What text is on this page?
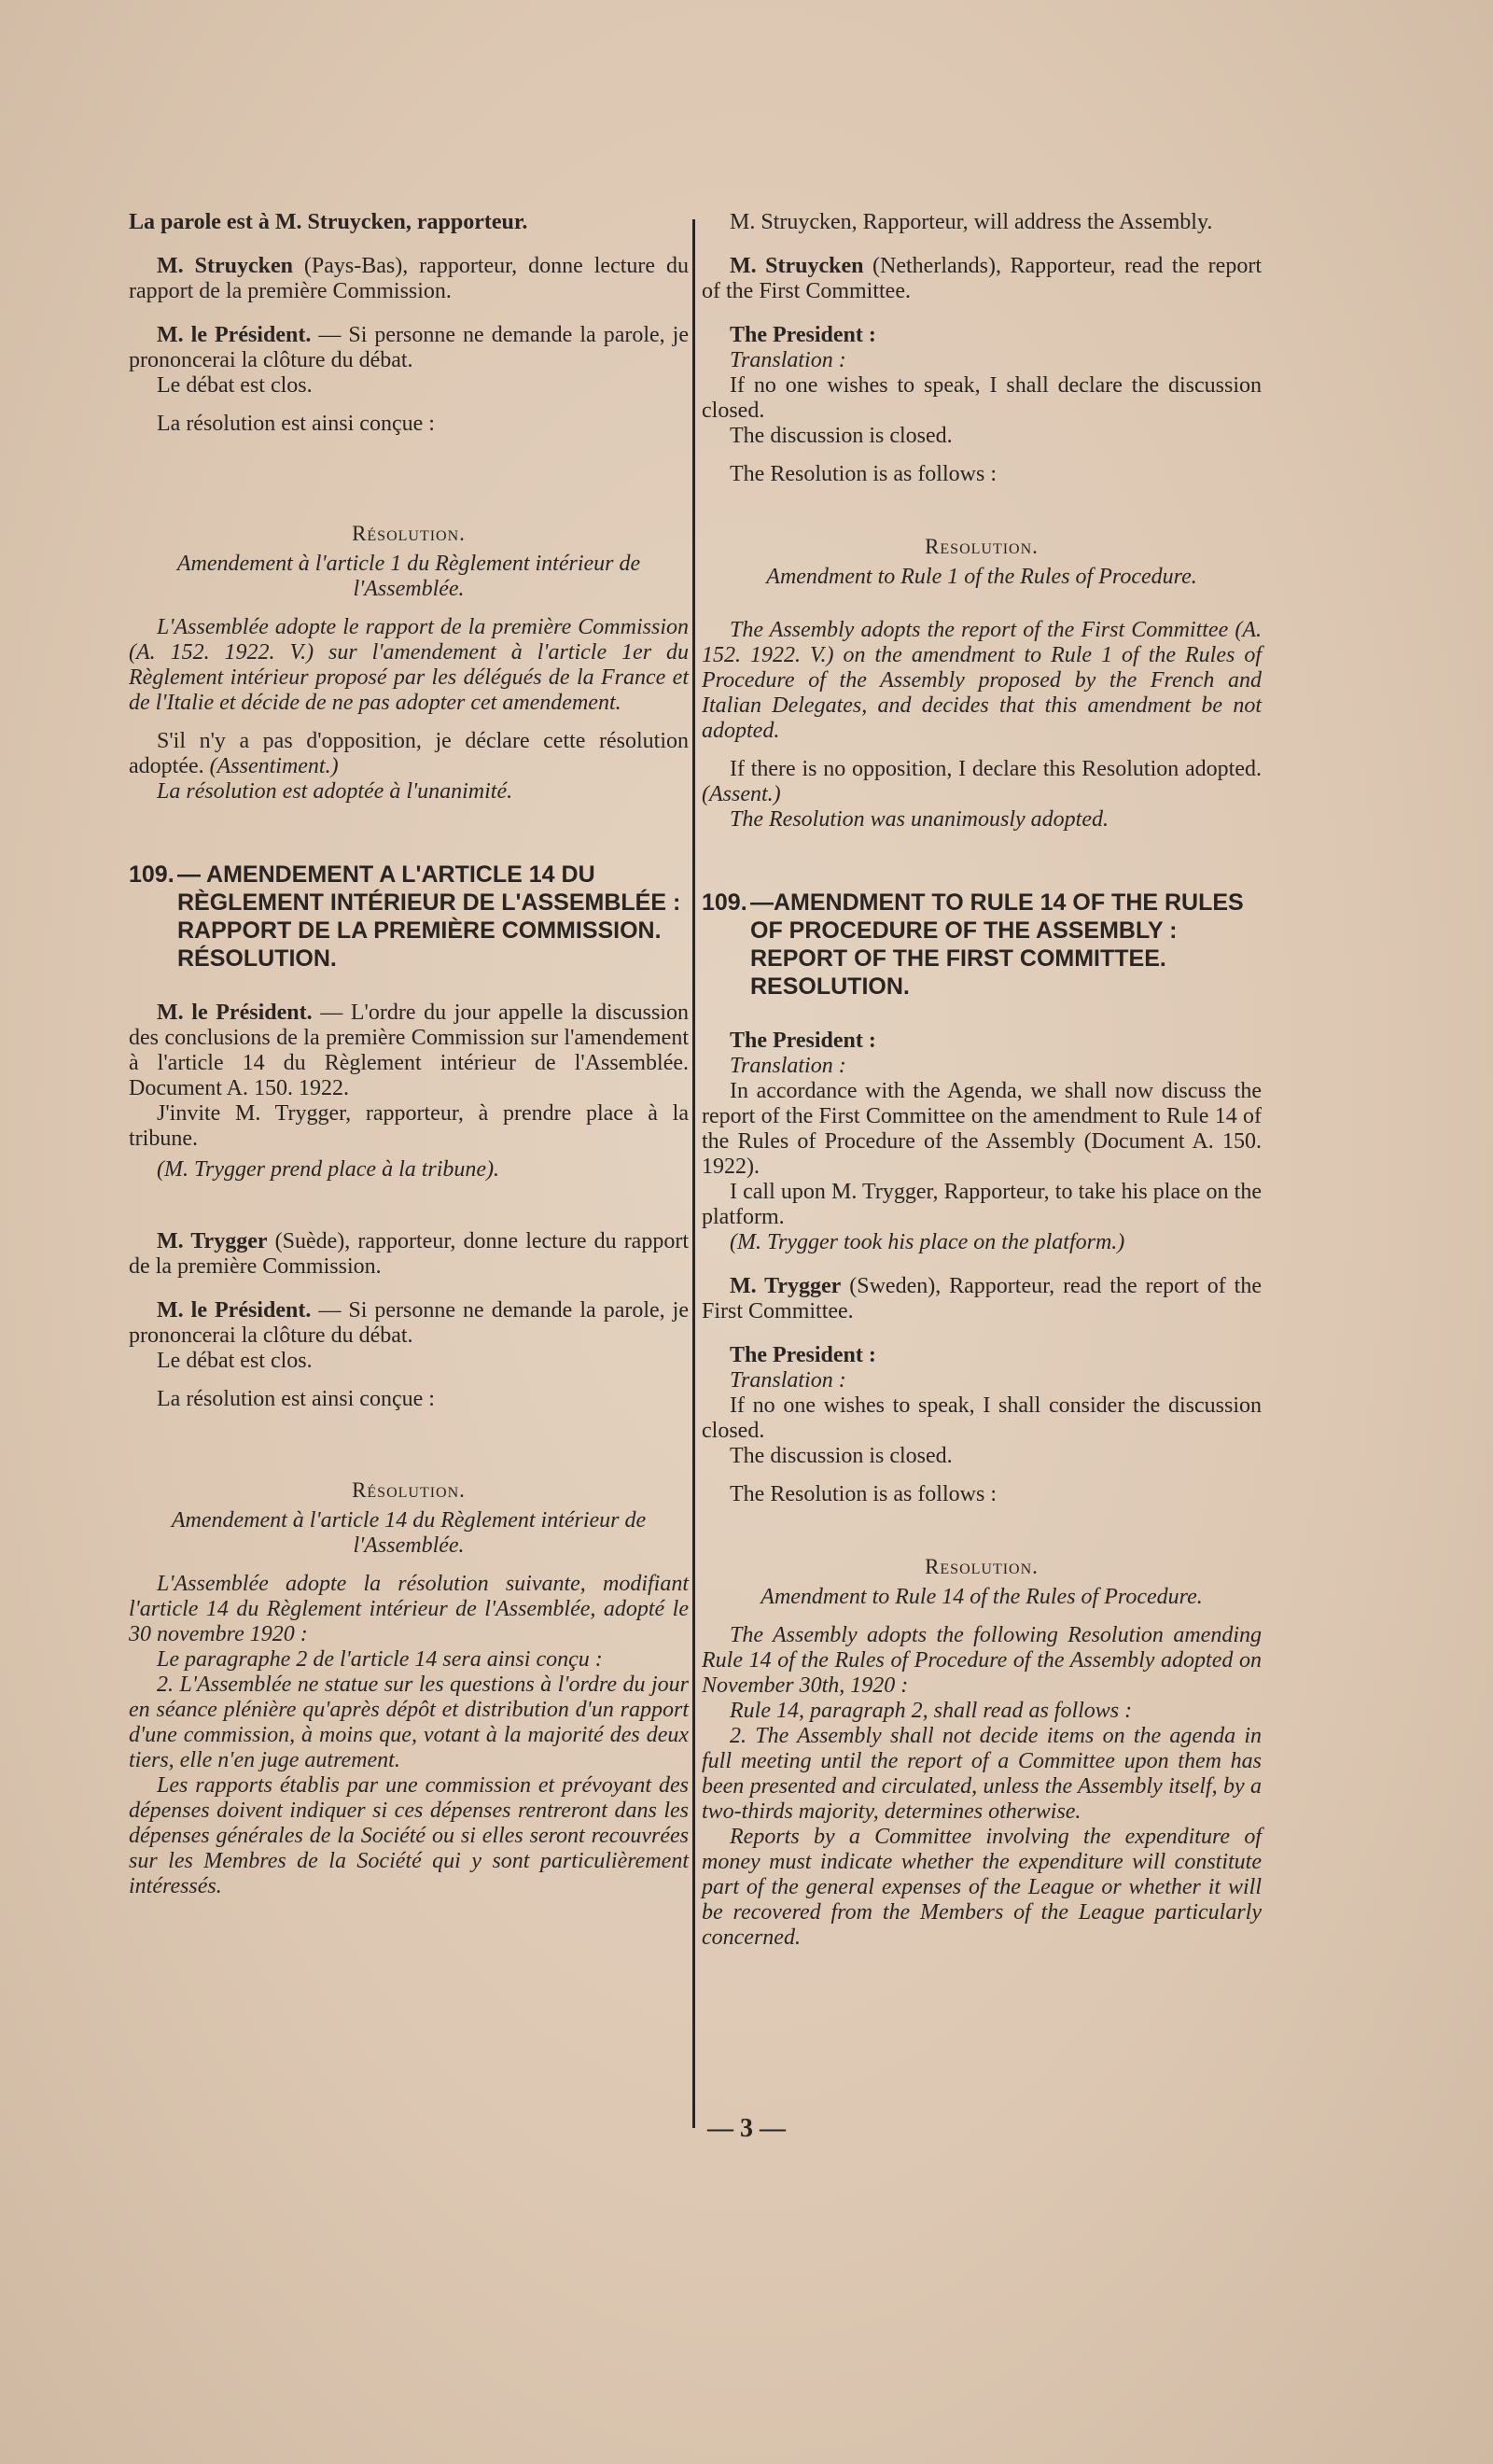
La parole est à M. Struycken, rapporteur.

M. Struycken (Pays-Bas), rapporteur, donne lecture du rapport de la première Commission.

M. le Président. — Si personne ne demande la parole, je prononcerai la clôture du débat.

Le débat est clos.

La résolution est ainsi conçue :

Résolution.

Amendement à l'article 1 du Règlement intérieur de l'Assemblée.

L'Assemblée adopte le rapport de la première Commission (A. 152. 1922. V.) sur l'amendement à l'article 1er du Règlement intérieur proposé par les délégués de la France et de l'Italie et décide de ne pas adopter cet amendement.

S'il n'y a pas d'opposition, je déclare cette résolution adoptée. (Assentiment.)

La résolution est adoptée à l'unanimité.

109. — AMENDEMENT A L'ARTICLE 14 DU RÈGLEMENT INTÉRIEUR DE L'ASSEMBLÉE : RAPPORT DE LA PREMIÈRE COMMISSION. RÉSOLUTION.

M. le Président. — L'ordre du jour appelle la discussion des conclusions de la première Commission sur l'amendement à l'article 14 du Règlement intérieur de l'Assemblée. Document A. 150. 1922.

J'invite M. Trygger, rapporteur, à prendre place à la tribune.

(M. Trygger prend place à la tribune).

M. Trygger (Suède), rapporteur, donne lecture du rapport de la première Commission.

M. le Président. — Si personne ne demande la parole, je prononcerai la clôture du débat.

Le débat est clos.

La résolution est ainsi conçue :

Résolution.

Amendement à l'article 14 du Règlement intérieur de l'Assemblée.

L'Assemblée adopte la résolution suivante, modifiant l'article 14 du Règlement intérieur de l'Assemblée, adopté le 30 novembre 1920 :

Le paragraphe 2 de l'article 14 sera ainsi conçu :

2. L'Assemblée ne statue sur les questions à l'ordre du jour en séance plénière qu'après dépôt et distribution d'un rapport d'une commission, à moins que, votant à la majorité des deux tiers, elle n'en juge autrement.

Les rapports établis par une commission et prévoyant des dépenses doivent indiquer si ces dépenses rentreront dans les dépenses générales de la Société ou si elles seront recouvrées sur les Membres de la Société qui y sont particulièrement intéressés.

M. Struycken, Rapporteur, will address the Assembly.

M. Struycken (Netherlands), Rapporteur, read the report of the First Committee.

The President :

Translation :

If no one wishes to speak, I shall declare the discussion closed.

The discussion is closed.

The Resolution is as follows :

Resolution.

Amendment to Rule 1 of the Rules of Procedure.

The Assembly adopts the report of the First Committee (A. 152. 1922. V.) on the amendment to Rule 1 of the Rules of Procedure of the Assembly proposed by the French and Italian Delegates, and decides that this amendment be not adopted.

If there is no opposition, I declare this Resolution adopted. (Assent.)

The Resolution was unanimously adopted.

109. —AMENDMENT TO RULE 14 OF THE RULES OF PROCEDURE OF THE ASSEMBLY : REPORT OF THE FIRST COMMITTEE. RESOLUTION.

The President :

Translation :

In accordance with the Agenda, we shall now discuss the report of the First Committee on the amendment to Rule 14 of the Rules of Procedure of the Assembly (Document A. 150. 1922).

I call upon M. Trygger, Rapporteur, to take his place on the platform.

(M. Trygger took his place on the platform.)

M. Trygger (Sweden), Rapporteur, read the report of the First Committee.

The President :

Translation :

If no one wishes to speak, I shall consider the discussion closed.

The discussion is closed.

The Resolution is as follows :

Resolution.

Amendment to Rule 14 of the Rules of Procedure.

The Assembly adopts the following Resolution amending Rule 14 of the Rules of Procedure of the Assembly adopted on November 30th, 1920 :

Rule 14, paragraph 2, shall read as follows :

2. The Assembly shall not decide items on the agenda in full meeting until the report of a Committee upon them has been presented and circulated, unless the Assembly itself, by a two-thirds majority, determines otherwise.

Reports by a Committee involving the expenditure of money must indicate whether the expenditure will constitute part of the general expenses of the League or whether it will be recovered from the Members of the League particularly concerned.

— 3 —
